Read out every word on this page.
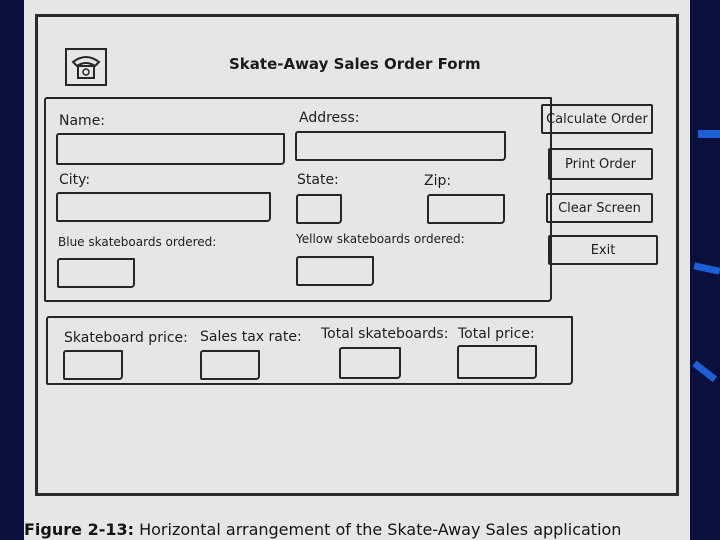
Skate-Away Sales Order Form
Name:	Address:
City:	State:	Zip:
Blue skateboards ordered:	Yellow skateboards ordered:
Calculate Order
Print Order
Clear Screen
Exit
Skateboard price: Sales tax rate: Total skateboards: Total price:
Figure 2-13: Horizontal arrangement of the Skate-Away Sales application
